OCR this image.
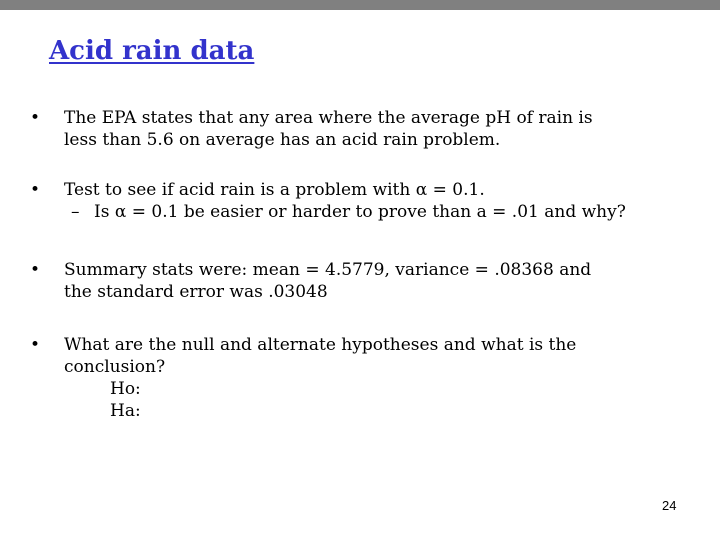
Acid rain data
•	The EPA states that any area where the average pH of rain is
less than 5.6 on average has an acid rain problem.
•	Test to see if acid rain is a problem with α = 0.1.
– Is α = 0.1 be easier or harder to prove than a = .01 and why?
•	Summary stats were: mean = 4.5779, variance = .08368 and
the standard error was .03048
•	What are the null and alternate hypotheses and what is the
conclusion?
Ho:
Ha:
24
